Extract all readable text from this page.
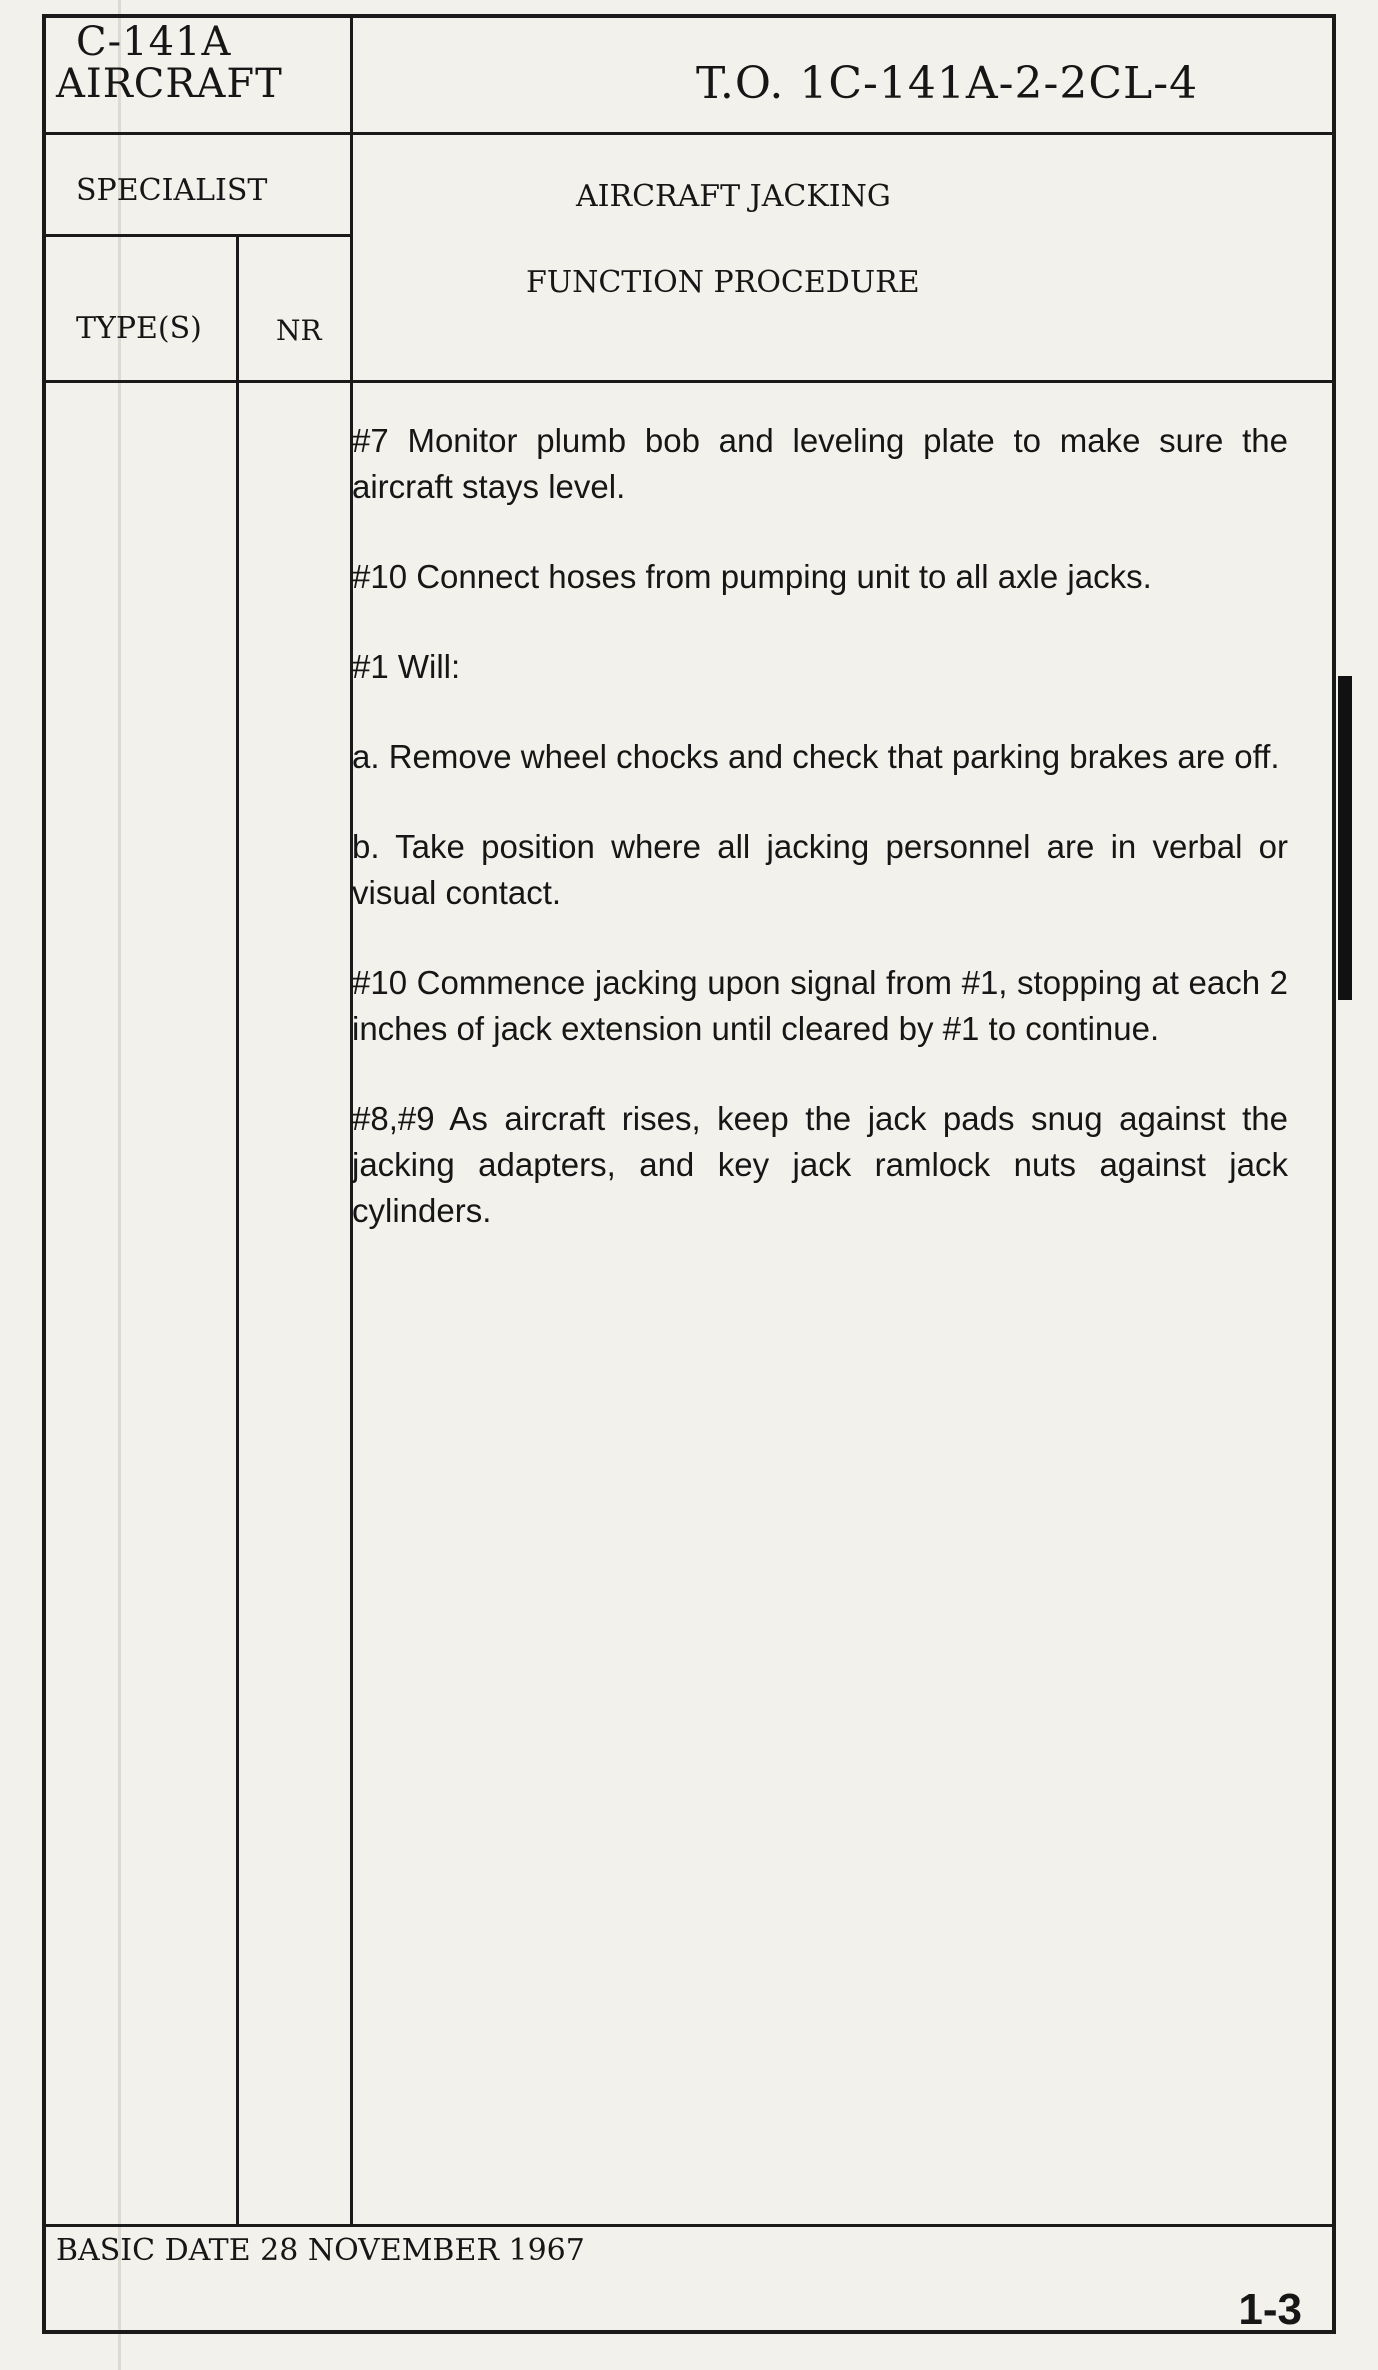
C-141A
AIRCRAFT	T.O. 1C-141A-2-2CL-4
SPECIALIST	AIRCRAFT JACKING
FUNCTION PROCEDURE
TYPE(S)	NR

#7 Monitor plumb bob and leveling plate to make sure the aircraft stays level.

#10 Connect hoses from pumping unit to all axle jacks.

#1 Will:

a. Remove wheel chocks and check that parking brakes are off.

b. Take position where all jacking personnel are in verbal or visual contact.

#10 Commence jacking upon signal from #1, stopping at each 2 inches of jack extension until cleared by #1 to continue.

#8,#9 As aircraft rises, keep the jack pads snug against the jacking adapters, and key jack ramlock nuts against jack cylinders.

BASIC DATE 28 NOVEMBER 1967
1-3
